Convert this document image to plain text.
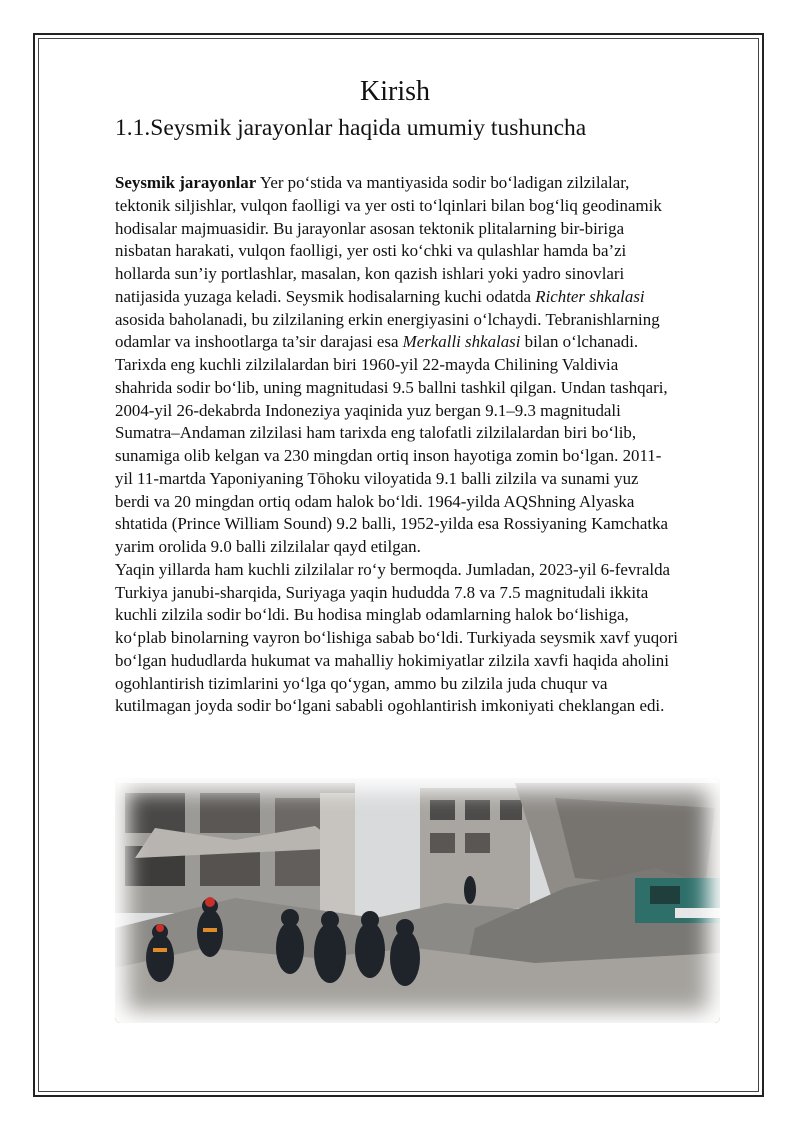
Kirish
1.1.Seysmik jarayonlar haqida umumiy tushuncha
Seysmik jarayonlar Yer po‘stida va mantiyasida sodir bo‘ladigan zilzilalar,
tektonik siljishlar, vulqon faolligi va yer osti to‘lqinlari bilan bog‘liq geodinamik
hodisalar majmuasidir. Bu jarayonlar asosan tektonik plitalarning bir-biriga
nisbatan harakati, vulqon faolligi, yer osti ko‘chki va qulashlar hamda ba’zi
hollarda sun’iy portlashlar, masalan, kon qazish ishlari yoki yadro sinovlari
natijasida yuzaga keladi. Seysmik hodisalarning kuchi odatda Richter shkalasi
asosida baholanadi, bu zilzilaning erkin energiyasini o‘lchaydi. Tebranishlarning
odamlar va inshootlarga ta’sir darajasi esa Merkalli shkalasi bilan o‘lchanadi.
Tarixda eng kuchli zilzilalardan biri 1960-yil 22-mayda Chilining Valdivia
shahrida sodir bo‘lib, uning magnitudasi 9.5 ballni tashkil qilgan. Undan tashqari,
2004-yil 26-dekabrda Indoneziya yaqinida yuz bergan 9.1–9.3 magnitudali
Sumatra–Andaman zilzilasi ham tarixda eng talofatli zilzilalardan biri bo‘lib,
sunamiga olib kelgan va 230 mingdan ortiq inson hayotiga zomin bo‘lgan. 2011-
yil 11-martda Yaponiyaning Tōhoku viloyatida 9.1 balli zilzila va sunami yuz
berdi va 20 mingdan ortiq odam halok bo‘ldi. 1964-yilda AQShning Alyaska
shtatida (Prince William Sound) 9.2 balli, 1952-yilda esa Rossiyaning Kamchatka
yarim orolida 9.0 balli zilzilalar qayd etilgan.
Yaqin yillarda ham kuchli zilzilalar ro‘y bermoqda. Jumladan, 2023-yil 6-fevralda
Turkiya janubi-sharqida, Suriyaga yaqin hududda 7.8 va 7.5 magnitudali ikkita
kuchli zilzila sodir bo‘ldi. Bu hodisa minglab odamlarning halok bo‘lishiga,
ko‘plab binolarning vayron bo‘lishiga sabab bo‘ldi. Turkiyada seysmik xavf yuqori
bo‘lgan hududlarda hukumat va mahalliy hokimiyatlar zilzila xavfi haqida aholini
ogohlantirish tizimlarini yo‘lga qo‘ygan, ammo bu zilzila juda chuqur va
kutilmagan joyda sodir bo‘lgani sababli ogohlantirish imkoniyati cheklangan edi.
